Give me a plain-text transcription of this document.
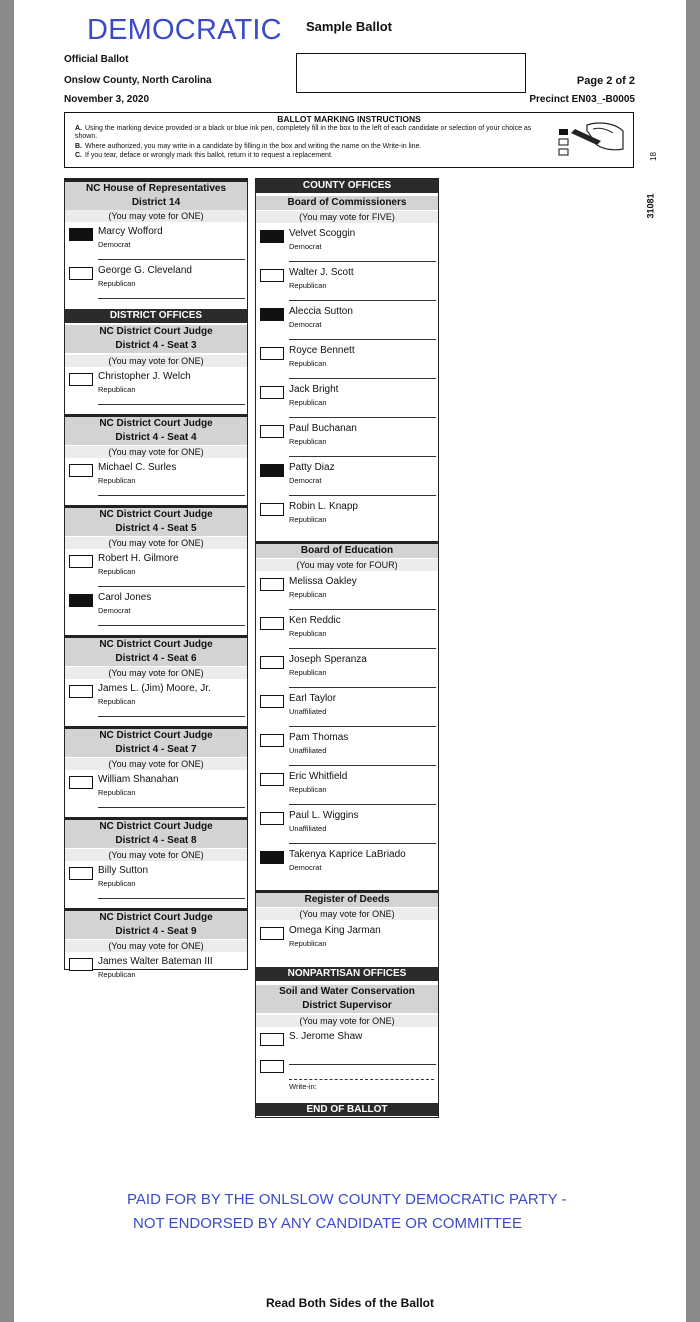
DEMOCRATIC Sample Ballot
Official Ballot
Onslow County, North Carolina
November 3, 2020
Page 2 of 2
Precinct EN03_-B0005
BALLOT MARKING INSTRUCTIONS
A. Using the marking device provided or a black or blue ink pen, completely fill in the box to the left of each candidate or selection of your choice as shown.
B. Where authorized, you may write in a candidate by filling in the box and writing the name on the Write-in line.
C. If you tear, deface or wrongly mark this ballot, return it to request a replacement.	18
31081
NC House of Representatives
District 14
(You may vote for ONE)
Marcy Wofford
Democrat
George G. Cleveland
Republican
DISTRICT OFFICES
NC District Court Judge
District 4 - Seat 3
(You may vote for ONE)
Christopher J. Welch
Republican
NC District Court Judge
District 4 - Seat 4
(You may vote for ONE)
Michael C. Surles
Republican
NC District Court Judge
District 4 - Seat 5
(You may vote for ONE)
Robert H. Gilmore
Republican
Carol Jones
Democrat
NC District Court Judge
District 4 - Seat 6
(You may vote for ONE)
James L. (Jim) Moore, Jr.
Republican
NC District Court Judge
District 4 - Seat 7
(You may vote for ONE)
William Shanahan
Republican
NC District Court Judge
District 4 - Seat 8
(You may vote for ONE)
Billy Sutton
Republican
NC District Court Judge
District 4 - Seat 9
(You may vote for ONE)
James Walter Bateman III
Republican
COUNTY OFFICES
Board of Commissioners
(You may vote for FIVE)
Velvet Scoggin
Democrat
Walter J. Scott
Republican
Aleccia Sutton
Democrat
Royce Bennett
Republican
Jack Bright
Republican
Paul Buchanan
Republican
Patty Diaz
Democrat
Robin L. Knapp
Republican
Board of Education
(You may vote for FOUR)
Melissa Oakley
Republican
Ken Reddic
Republican
Joseph Speranza
Republican
Earl Taylor
Unaffiliated
Pam Thomas
Unaffiliated
Eric Whitfield
Republican
Paul L. Wiggins
Unaffiliated
Takenya Kaprice LaBriado
Democrat
Register of Deeds
(You may vote for ONE)
Omega King Jarman
Republican
NONPARTISAN OFFICES
Soil and Water Conservation
District Supervisor
(You may vote for ONE)
S. Jerome Shaw
Write-in:
END OF BALLOT
PAID FOR BY THE ONLSLOW COUNTY DEMOCRATIC PARTY -
NOT ENDORSED BY ANY CANDIDATE OR COMMITTEE
Read Both Sides of the Ballot
